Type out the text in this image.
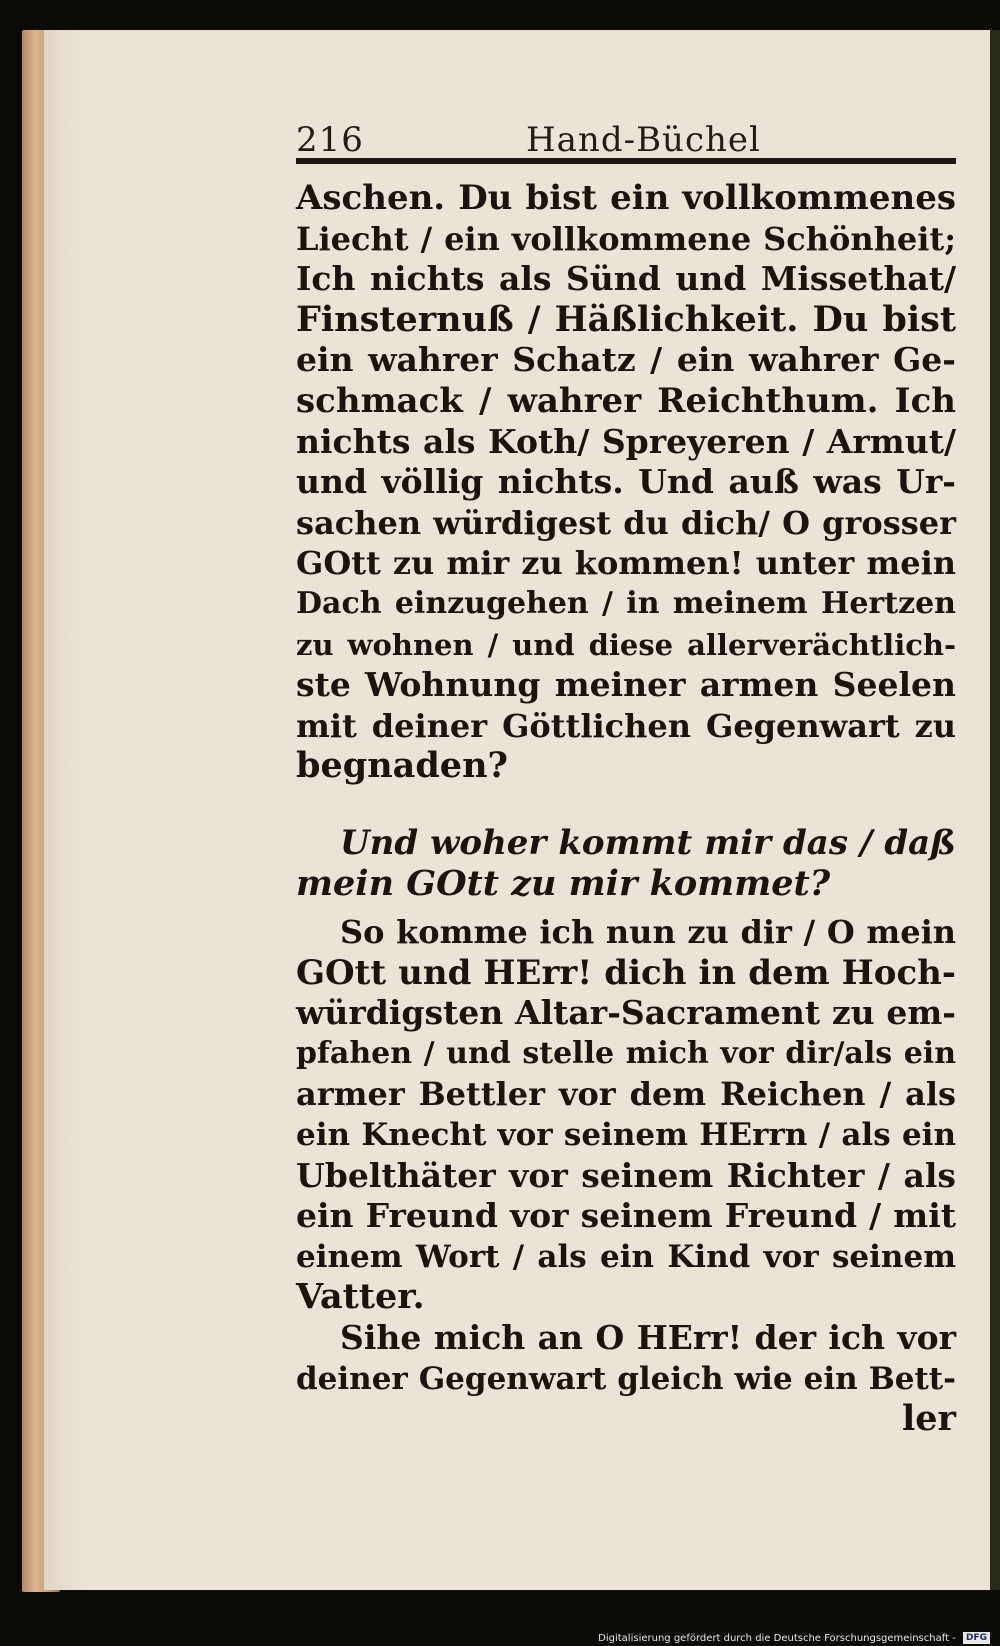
216	Hand-Büchel
Aschen. Du bist ein vollkommenes
Liecht / ein vollkommene Schönheit;
Ich nichts als Sünd und Missethat/
Finsternuß / Häßlichkeit. Du bist
ein wahrer Schatz / ein wahrer Ge-
schmack / wahrer Reichthum. Ich
nichts als Koth/ Spreyeren / Armut/
und völlig nichts. Und auß was Ur-
sachen würdigest du dich/ O grosser
GOtt zu mir zu kommen! unter mein
Dach einzugehen / in meinem Hertzen
zu wohnen / und diese allerverächtlich-
ste Wohnung meiner armen Seelen
mit deiner Göttlichen Gegenwart zu
begnaden?
Und woher kommt mir das / daß
mein GOtt zu mir kommet?
So komme ich nun zu dir / O mein
GOtt und HErr! dich in dem Hoch-
würdigsten Altar-Sacrament zu em-
pfahen / und stelle mich vor dir/als ein
armer Bettler vor dem Reichen / als
ein Knecht vor seinem HErrn / als ein
Ubelthäter vor seinem Richter / als
ein Freund vor seinem Freund / mit
einem Wort / als ein Kind vor seinem
Vatter.
Sihe mich an O HErr! der ich vor
deiner Gegenwart gleich wie ein Bett-
ler
Digitalisierung gefördert durch die Deutsche Forschungsgemeinschaft - DFG
